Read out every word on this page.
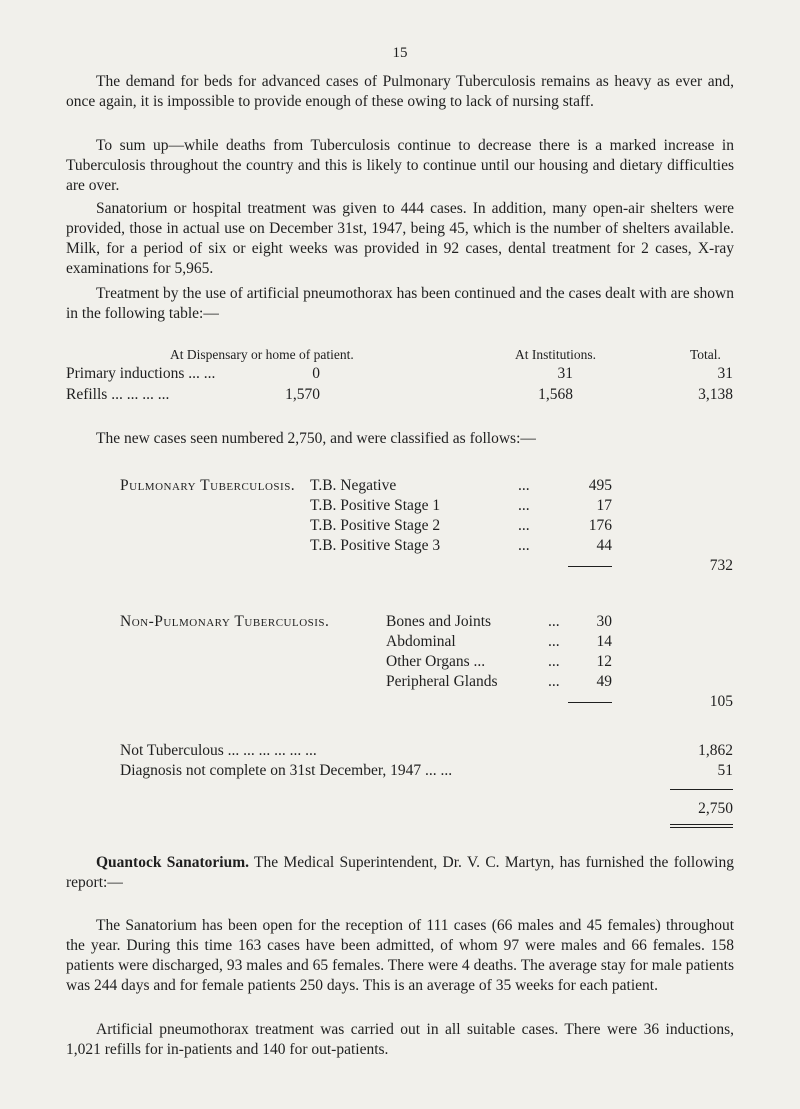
15

The demand for beds for advanced cases of Pulmonary Tuberculosis remains as heavy as ever and, once again, it is impossible to provide enough of these owing to lack of nursing staff.

To sum up—while deaths from Tuberculosis continue to decrease there is a marked increase in Tuberculosis throughout the country and this is likely to continue until our housing and dietary difficulties are over.

Sanatorium or hospital treatment was given to 444 cases. In addition, many open-air shelters were provided, those in actual use on December 31st, 1947, being 45, which is the number of shelters available. Milk, for a period of six or eight weeks was provided in 92 cases, dental treatment for 2 cases, X-ray examinations for 5,965.

Treatment by the use of artificial pneumothorax has been continued and the cases dealt with are shown in the following table:—

At Dispensary or home of patient.	At Institutions.	Total.
Primary inductions ... ...	0	31	31
Refills ... ... ... ...	1,570	1,568	3,138
The new cases seen numbered 2,750, and were classified as follows:—
Pulmonary Tuberculosis. T.B. Negative	...	495
T.B. Positive Stage 1	...	17
T.B. Positive Stage 2	...	176
T.B. Positive Stage 3	...	44
732
Non-Pulmonary Tuberculosis.	Bones and Joints	...	30
Abdominal	...	14
Other Organs ...	...	12
Peripheral Glands	...	49
105
Not Tuberculous ... ... ... ... ... ...	1,862
Diagnosis not complete on 31st December, 1947 ... ...	51
2,750

Quantock Sanatorium. The Medical Superintendent, Dr. V. C. Martyn, has furnished the following report:—

The Sanatorium has been open for the reception of 111 cases (66 males and 45 females) throughout the year. During this time 163 cases have been admitted, of whom 97 were males and 66 females. 158 patients were discharged, 93 males and 65 females. There were 4 deaths. The average stay for male patients was 244 days and for female patients 250 days. This is an average of 35 weeks for each patient.

Artificial pneumothorax treatment was carried out in all suitable cases. There were 36 inductions, 1,021 refills for in-patients and 140 for out-patients.
